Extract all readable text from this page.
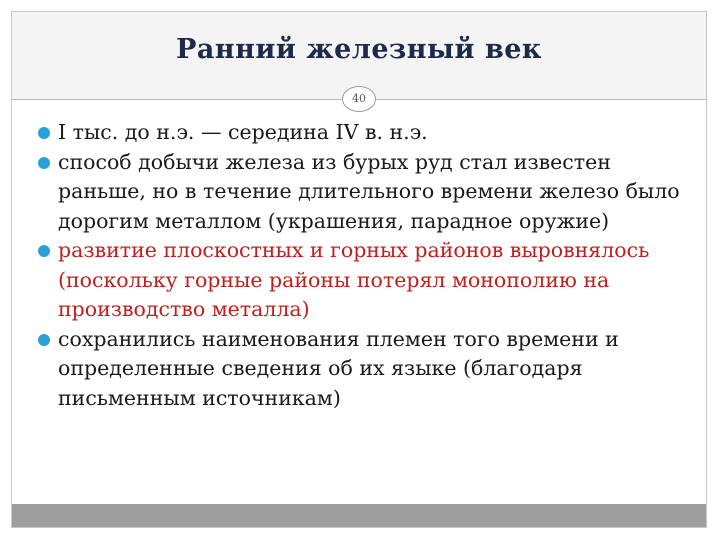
Ранний железный век
40
I тыс. до н.э. — середина IV в. н.э.
способ добычи железа из бурых руд стал известен раньше, но в течение длительного времени железо было дорогим металлом (украшения, парадное оружие)
развитие плоскостных и горных районов выровнялось (поскольку горные районы потерял монополию на производство металла)
сохранились наименования племен того времени и определенные сведения об их языке (благодаря письменным источникам)
